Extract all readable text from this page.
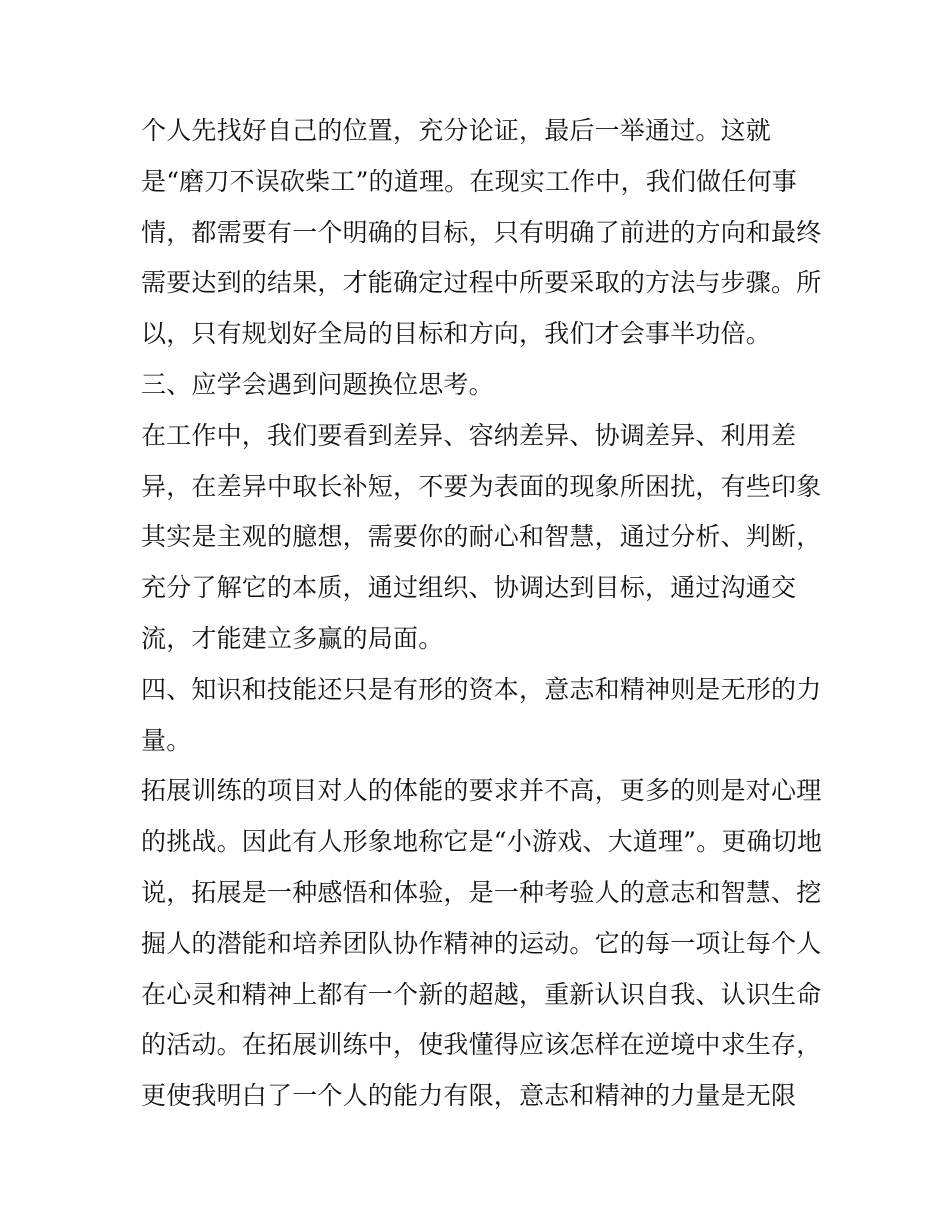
个人先找好自己的位置，充分论证，最后一举通过。这就
是“磨刀不误砍柴工”的道理。在现实工作中，我们做任何事
情，都需要有一个明确的目标，只有明确了前进的方向和最终
需要达到的结果，才能确定过程中所要采取的方法与步骤。所
以，只有规划好全局的目标和方向，我们才会事半功倍。
三、应学会遇到问题换位思考。
在工作中，我们要看到差异、容纳差异、协调差异、利用差
异，在差异中取长补短，不要为表面的现象所困扰，有些印象
其实是主观的臆想，需要你的耐心和智慧，通过分析、判断，
充分了解它的本质，通过组织、协调达到目标，通过沟通交
流，才能建立多赢的局面。
四、知识和技能还只是有形的资本，意志和精神则是无形的力
量。
拓展训练的项目对人的体能的要求并不高，更多的则是对心理
的挑战。因此有人形象地称它是“小游戏、大道理”。更确切地
说，拓展是一种感悟和体验，是一种考验人的意志和智慧、挖
掘人的潜能和培养团队协作精神的运动。它的每一项让每个人
在心灵和精神上都有一个新的超越，重新认识自我、认识生命
的活动。在拓展训练中，使我懂得应该怎样在逆境中求生存，
更使我明白了一个人的能力有限，意志和精神的力量是无限
